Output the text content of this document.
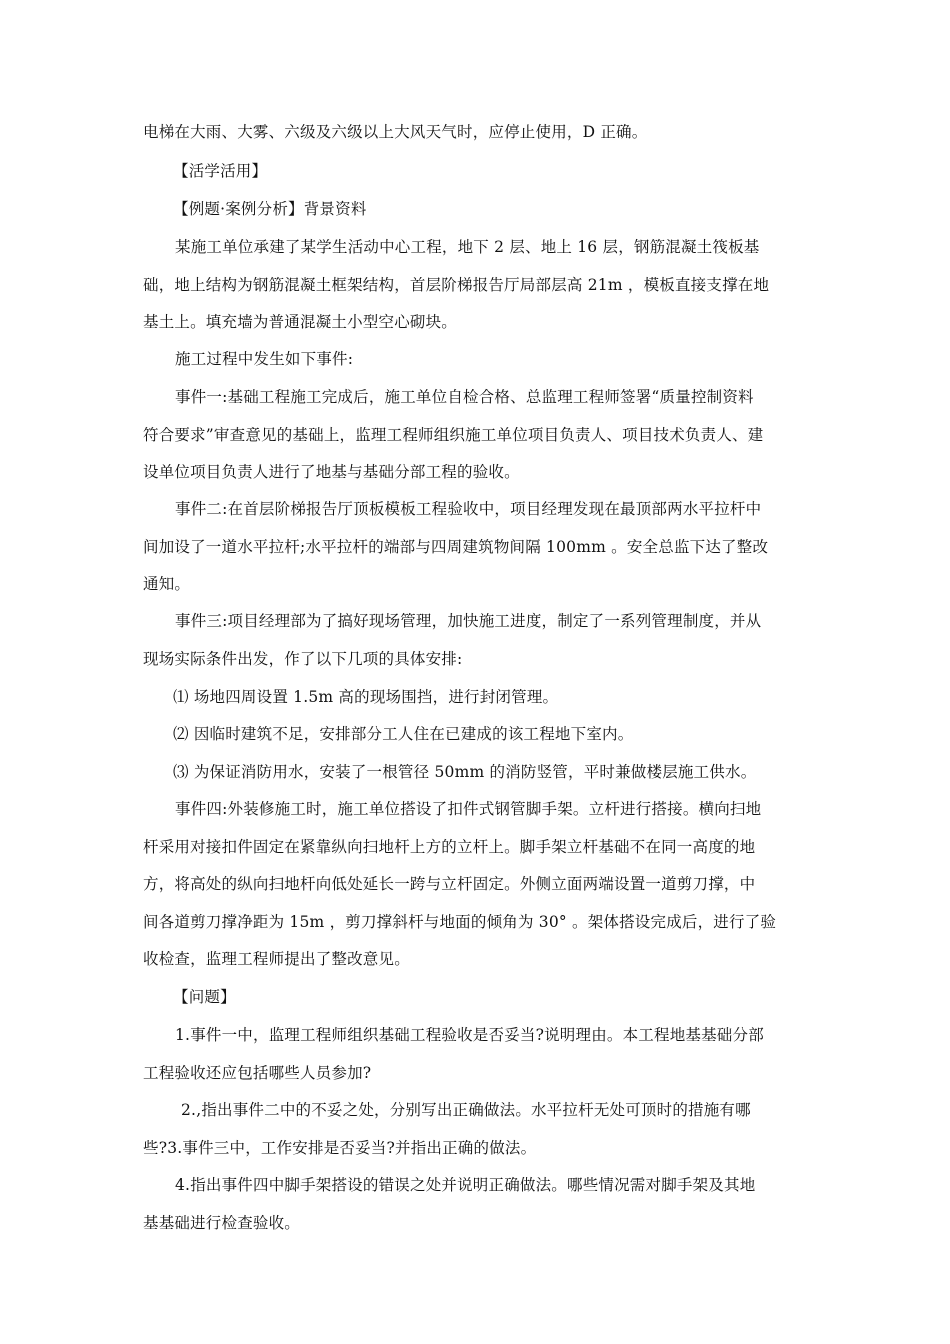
电梯在大雨、大雾、六级及六级以上大风天气时，应停止使用，D 正确。

【活学活用】

【例题·案例分析】背景资料

某施工单位承建了某学生活动中心工程，地下 2 层、地上 16 层，钢筋混凝土筏板基
础，地上结构为钢筋混凝土框架结构，首层阶梯报告厅局部层高 21m ，模板直接支撑在地
基土上。填充墙为普通混凝土小型空心砌块。

施工过程中发生如下事件:

事件一:基础工程施工完成后，施工单位自检合格、总监理工程师签署“质量控制资料
符合要求”审查意见的基础上，监理工程师组织施工单位项目负责人、项目技术负责人、建
设单位项目负责人进行了地基与基础分部工程的验收。

事件二:在首层阶梯报告厅顶板模板工程验收中，项目经理发现在最顶部两水平拉杆中
间加设了一道水平拉杆;水平拉杆的端部与四周建筑物间隔 100mm 。安全总监下达了整改
通知。

事件三:项目经理部为了搞好现场管理，加快施工进度，制定了一系列管理制度，并从
现场实际条件出发，作了以下几项的具体安排:

⑴ 场地四周设置 1.5m 高的现场围挡，进行封闭管理。

⑵ 因临时建筑不足，安排部分工人住在已建成的该工程地下室内。

⑶ 为保证消防用水，安装了一根管径 50mm 的消防竖管，平时兼做楼层施工供水。

事件四:外装修施工时，施工单位搭设了扣件式钢管脚手架。立杆进行搭接。横向扫地
杆采用对接扣件固定在紧靠纵向扫地杆上方的立杆上。脚手架立杆基础不在同一高度的地
方，将高处的纵向扫地杆向低处延长一跨与立杆固定。外侧立面两端设置一道剪刀撑，中
间各道剪刀撑净距为 15m ，剪刀撑斜杆与地面的倾角为 30° 。架体搭设完成后，进行了验
收检查，监理工程师提出了整改意见。

【问题】

1.事件一中，监理工程师组织基础工程验收是否妥当?说明理由。本工程地基基础分部
工程验收还应包括哪些人员参加?

2.,指出事件二中的不妥之处，分别写出正确做法。水平拉杆无处可顶时的措施有哪
些?3.事件三中，工作安排是否妥当?并指出正确的做法。

4.指出事件四中脚手架搭设的错误之处并说明正确做法。哪些情况需对脚手架及其地
基基础进行检查验收。
